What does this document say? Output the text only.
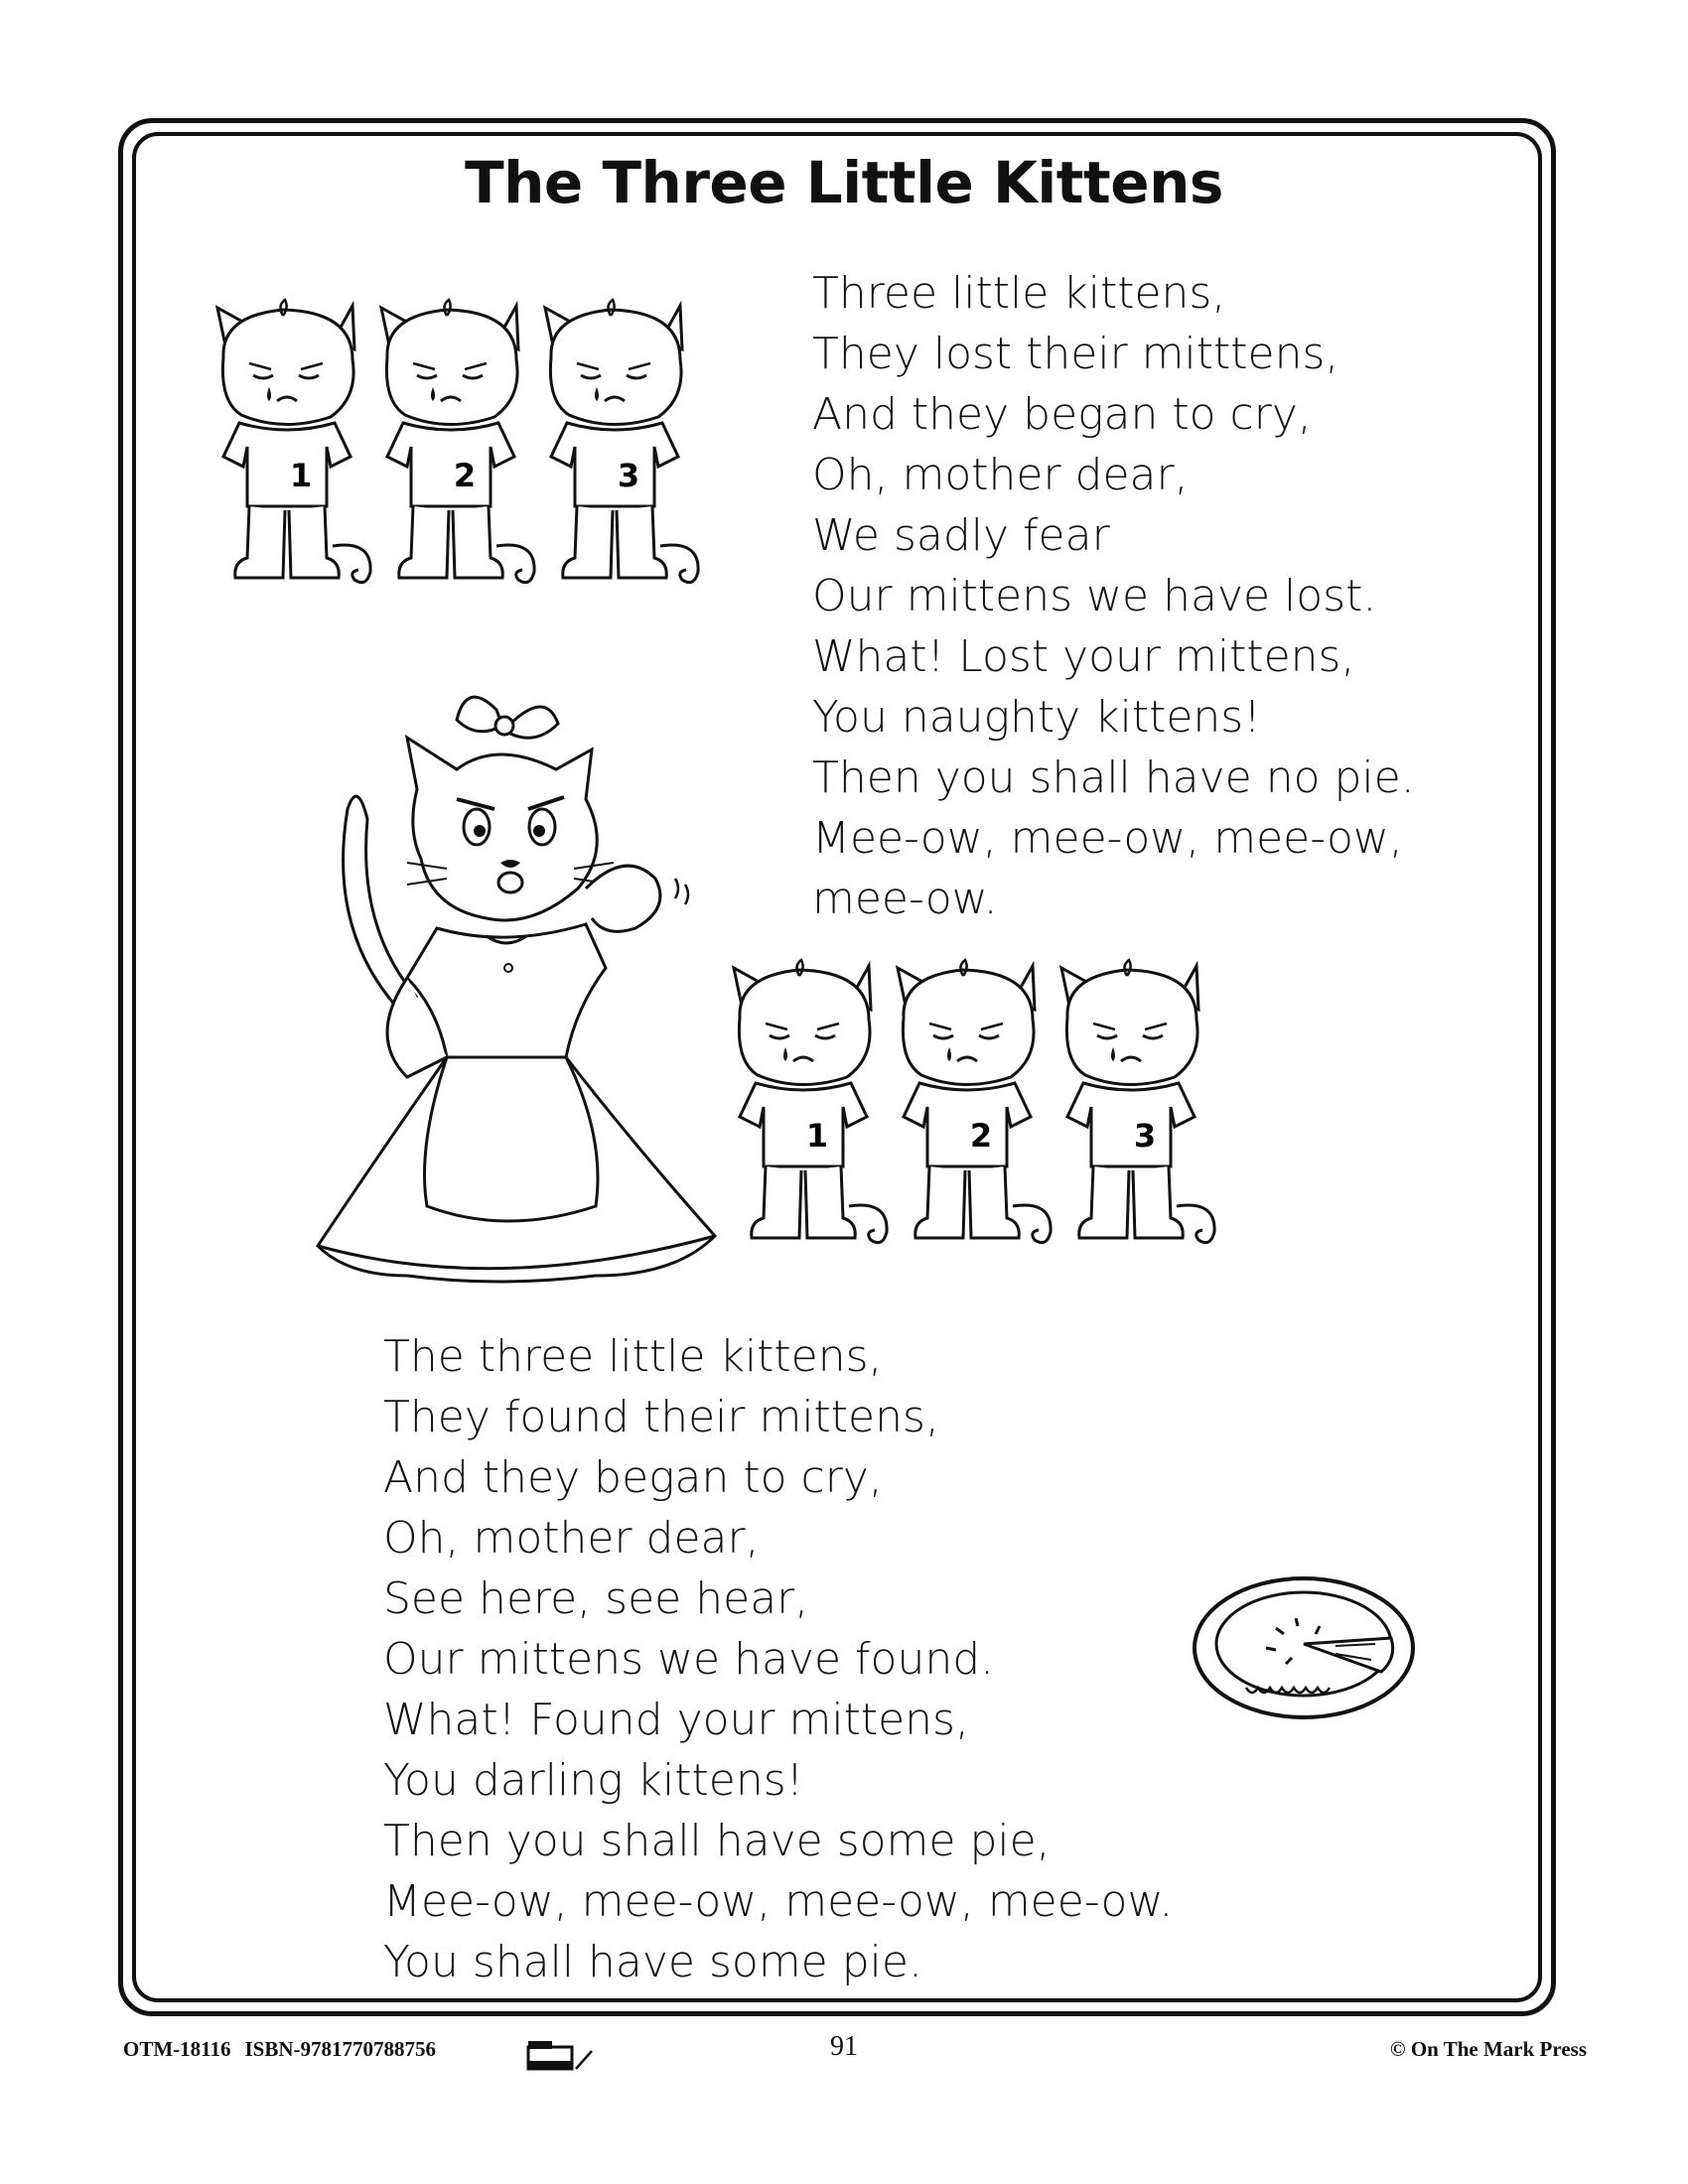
The Three Little Kittens
1	2	3
Three little kittens,
They lost their mitttens,
And they began to cry,
Oh, mother dear,
We sadly fear
Our mittens we have lost.
What! Lost your mittens,
You naughty kittens!
Then you shall have no pie.
Mee-ow, mee-ow, mee-ow,
mee-ow.
1	2	3
The three little kittens,
They found their mittens,
And they began to cry,
Oh, mother dear,
See here, see hear,
Our mittens we have found.
What! Found your mittens,
You darling kittens!
Then you shall have some pie,
Mee-ow, mee-ow, mee-ow, mee-ow.
You shall have some pie.
OTM-18116 ISBN-9781770788756	91	© On The Mark Press
